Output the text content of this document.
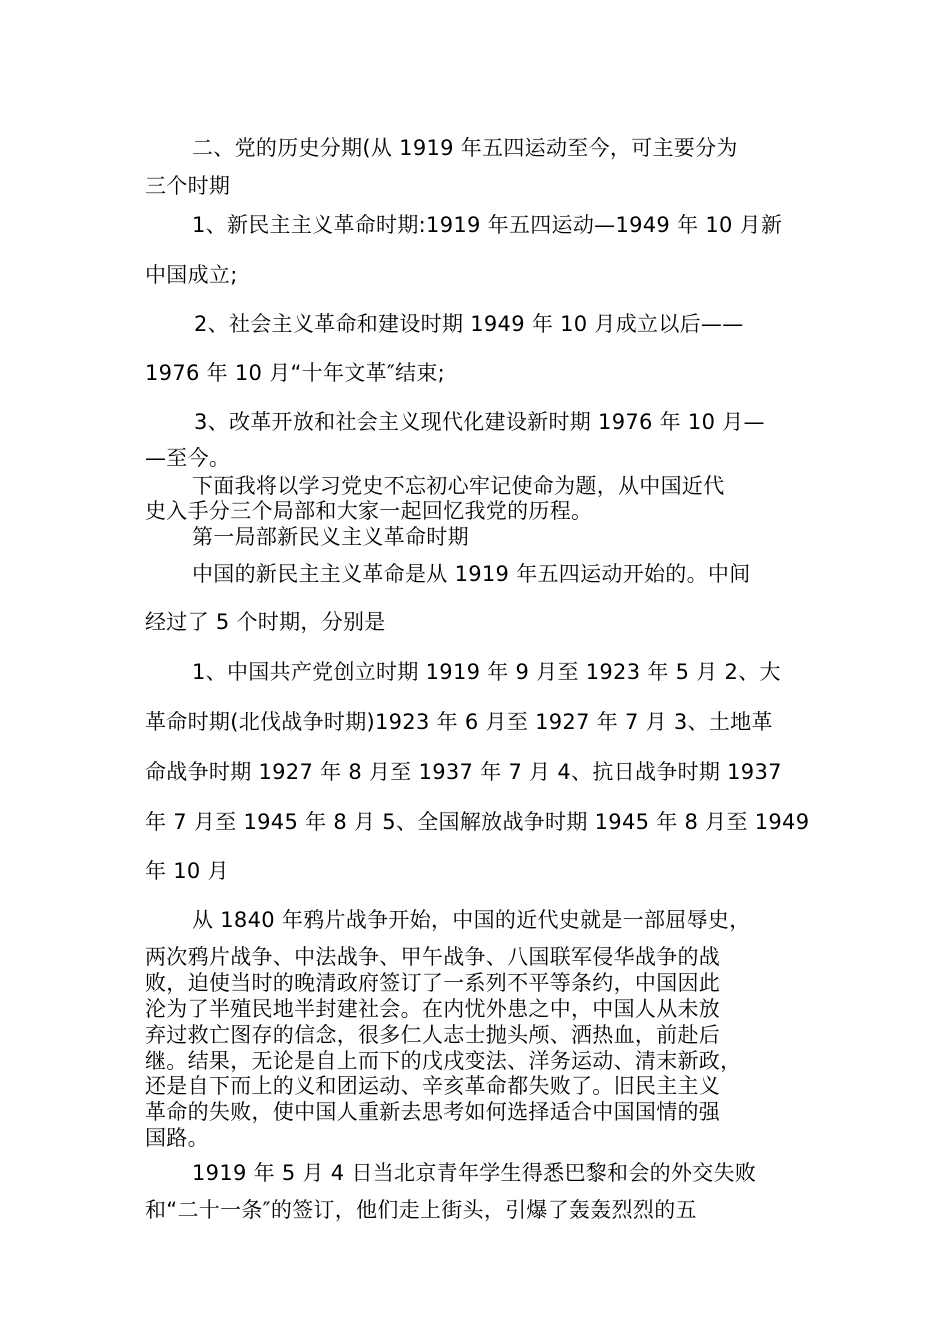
二、党的历史分期(从 1919 年五四运动至今，可主要分为
三个时期
1、新民主主义革命时期:1919 年五四运动—1949 年 10 月新
中国成立;
2、社会主义革命和建设时期 1949 年 10 月成立以后——
1976 年 10 月“十年文革″结束;
3、改革开放和社会主义现代化建设新时期 1976 年 10 月—
—至今。
下面我将以学习党史不忘初心牢记使命为题，从中国近代
史入手分三个局部和大家一起回忆我党的历程。
第一局部新民义主义革命时期
中国的新民主主义革命是从 1919 年五四运动开始的。中间
经过了 5 个时期，分别是
1、中国共产党创立时期 1919 年 9 月至 1923 年 5 月 2、大
革命时期(北伐战争时期)1923 年 6 月至 1927 年 7 月 3、土地革
命战争时期 1927 年 8 月至 1937 年 7 月 4、抗日战争时期 1937
年 7 月至 1945 年 8 月 5、全国解放战争时期 1945 年 8 月至 1949
年 10 月
从 1840 年鸦片战争开始，中国的近代史就是一部屈辱史，
两次鸦片战争、中法战争、甲午战争、八国联军侵华战争的战
败，迫使当时的晚清政府签订了一系列不平等条约，中国因此
沦为了半殖民地半封建社会。在内忧外患之中，中国人从未放
弃过救亡图存的信念，很多仁人志士抛头颅、洒热血，前赴后
继。结果，无论是自上而下的戊戌变法、洋务运动、清末新政，
还是自下而上的义和团运动、辛亥革命都失败了。旧民主主义
革命的失败，使中国人重新去思考如何选择适合中国国情的强
国路。
1919 年 5 月 4 日当北京青年学生得悉巴黎和会的外交失败
和“二十一条″的签订，他们走上街头，引爆了轰轰烈烈的五
